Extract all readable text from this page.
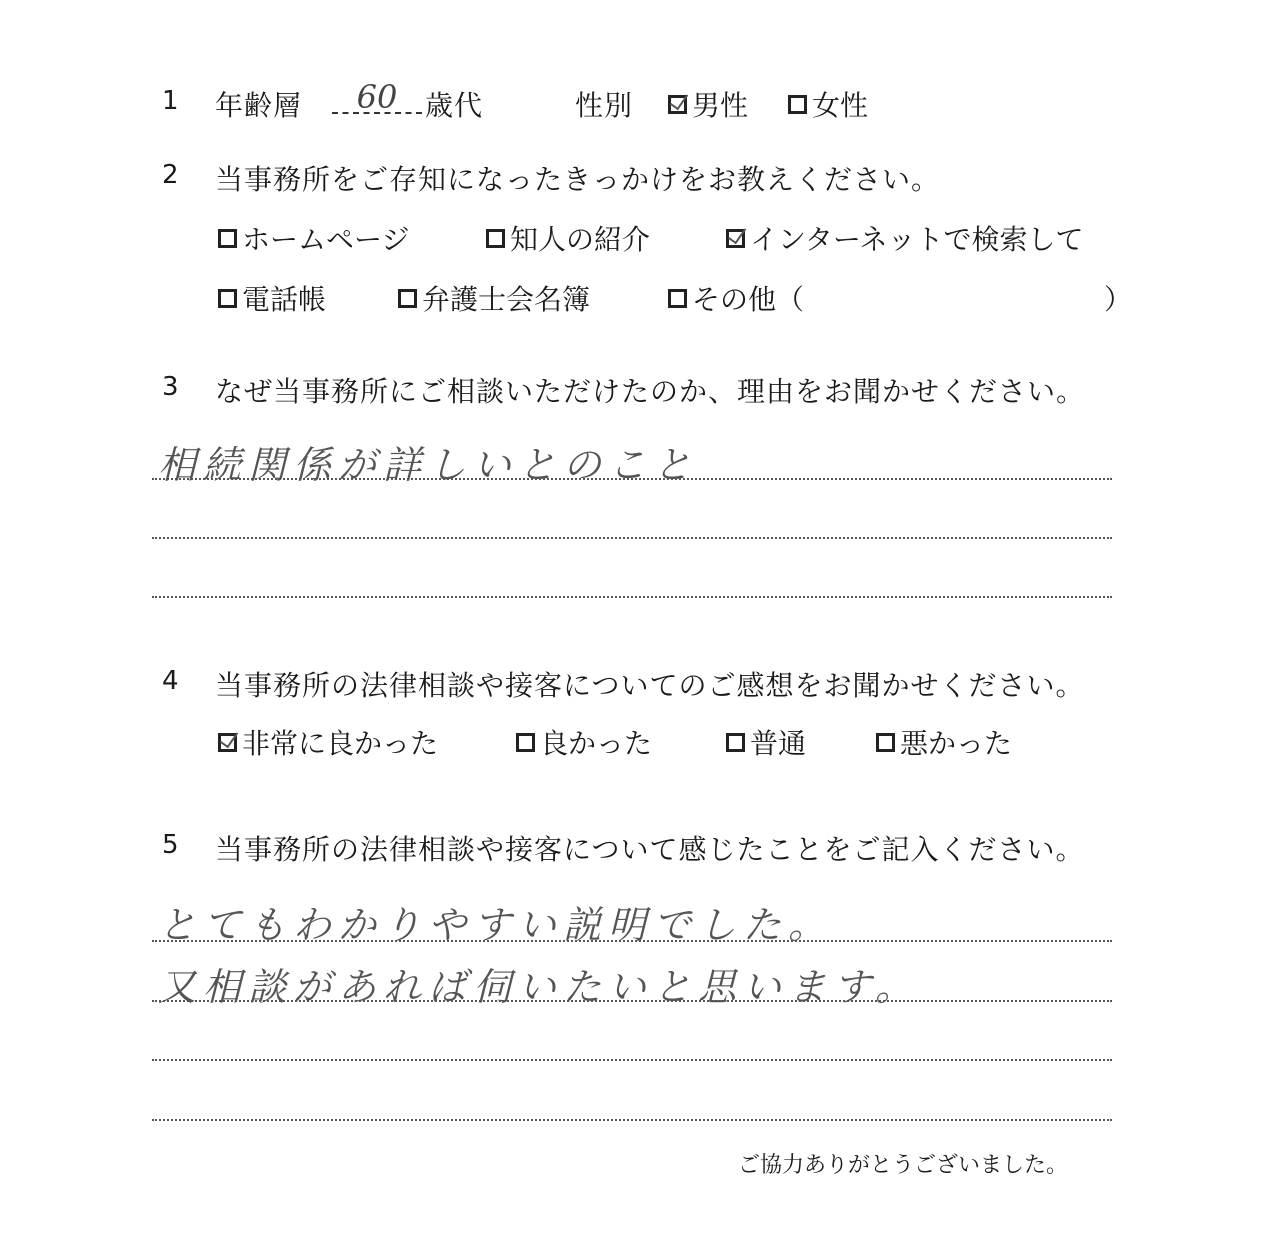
1 年齢層	60 歳代	性別 男性 女性
2 当事務所をご存知になったきっかけをお教えください。
ホームページ	知人の紹介	インターネットで検索して
電話帳	弁護士会名簿	その他（	）
3 なぜ当事務所にご相談いただけたのか、理由をお聞かせください。
相続関係が詳しいとのこと
4 当事務所の法律相談や接客についてのご感想をお聞かせください。
非常に良かった	良かった	普通	悪かった
5 当事務所の法律相談や接客について感じたことをご記入ください。
とてもわかりやすい説明でした。
又相談があれば伺いたいと思います。
ご協力ありがとうございました。
